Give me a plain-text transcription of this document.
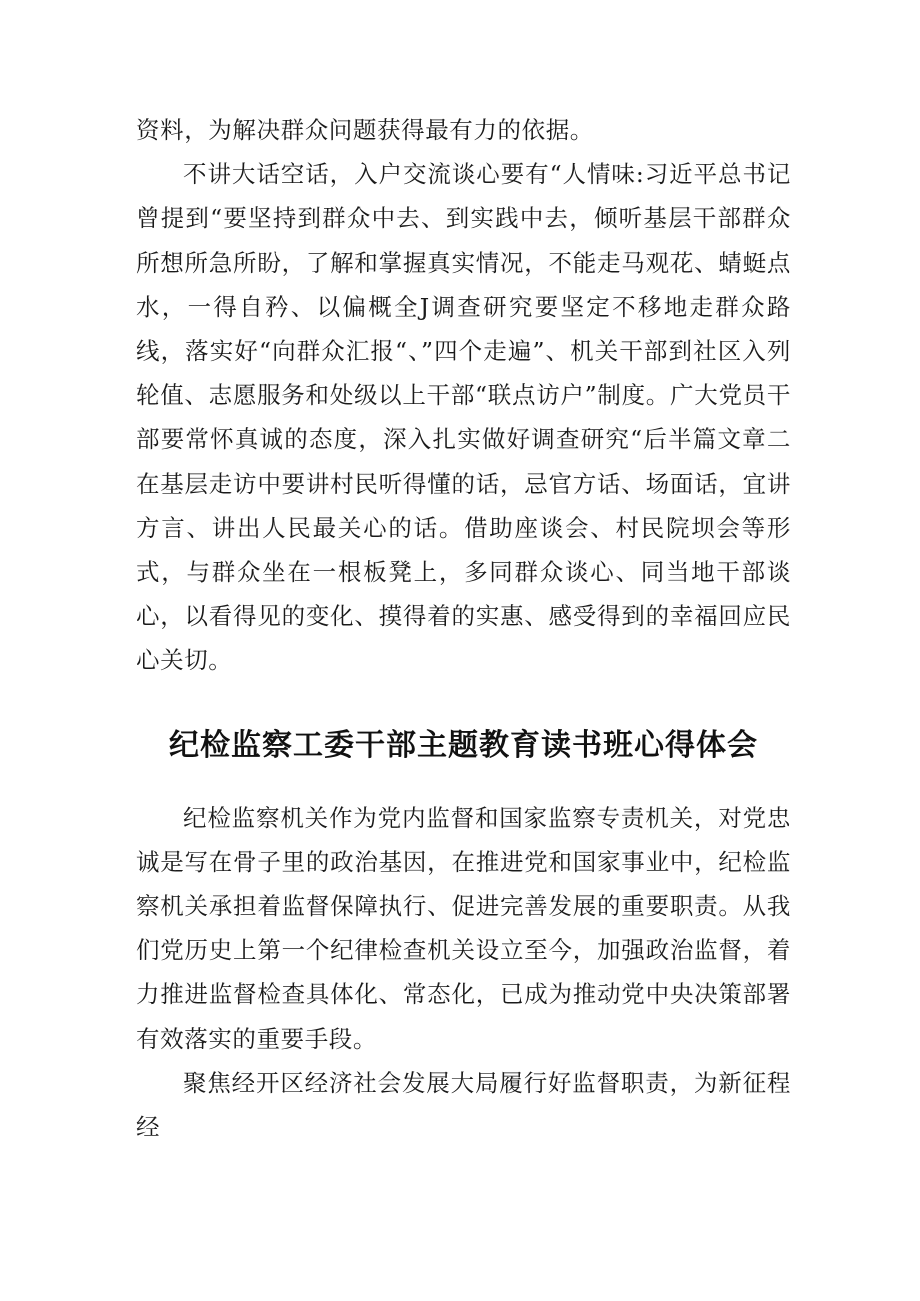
资料，为解决群众问题获得最有力的依据。

不讲大话空话，入户交流谈心要有“人情味:习近平总书记曾提到“要坚持到群众中去、到实践中去，倾听基层干部群众所想所急所盼，了解和掌握真实情况，不能走马观花、蜻蜓点水，一得自矜、以偏概全J调查研究要坚定不移地走群众路线，落实好“向群众汇报“、”四个走遍”、机关干部到社区入列轮值、志愿服务和处级以上干部“联点访户”制度。广大党员干部要常怀真诚的态度，深入扎实做好调查研究“后半篇文章二在基层走访中要讲村民听得懂的话，忌官方话、场面话，宜讲方言、讲出人民最关心的话。借助座谈会、村民院坝会等形式，与群众坐在一根板凳上，多同群众谈心、同当地干部谈心，以看得见的变化、摸得着的实惠、感受得到的幸福回应民心关切。

纪检监察工委干部主题教育读书班心得体会

纪检监察机关作为党内监督和国家监察专责机关，对党忠诚是写在骨子里的政治基因，在推进党和国家事业中，纪检监察机关承担着监督保障执行、促进完善发展的重要职责。从我们党历史上第一个纪律检查机关设立至今，加强政治监督，着力推进监督检查具体化、常态化，已成为推动党中央决策部署有效落实的重要手段。

聚焦经开区经济社会发展大局履行好监督职责，为新征程经
